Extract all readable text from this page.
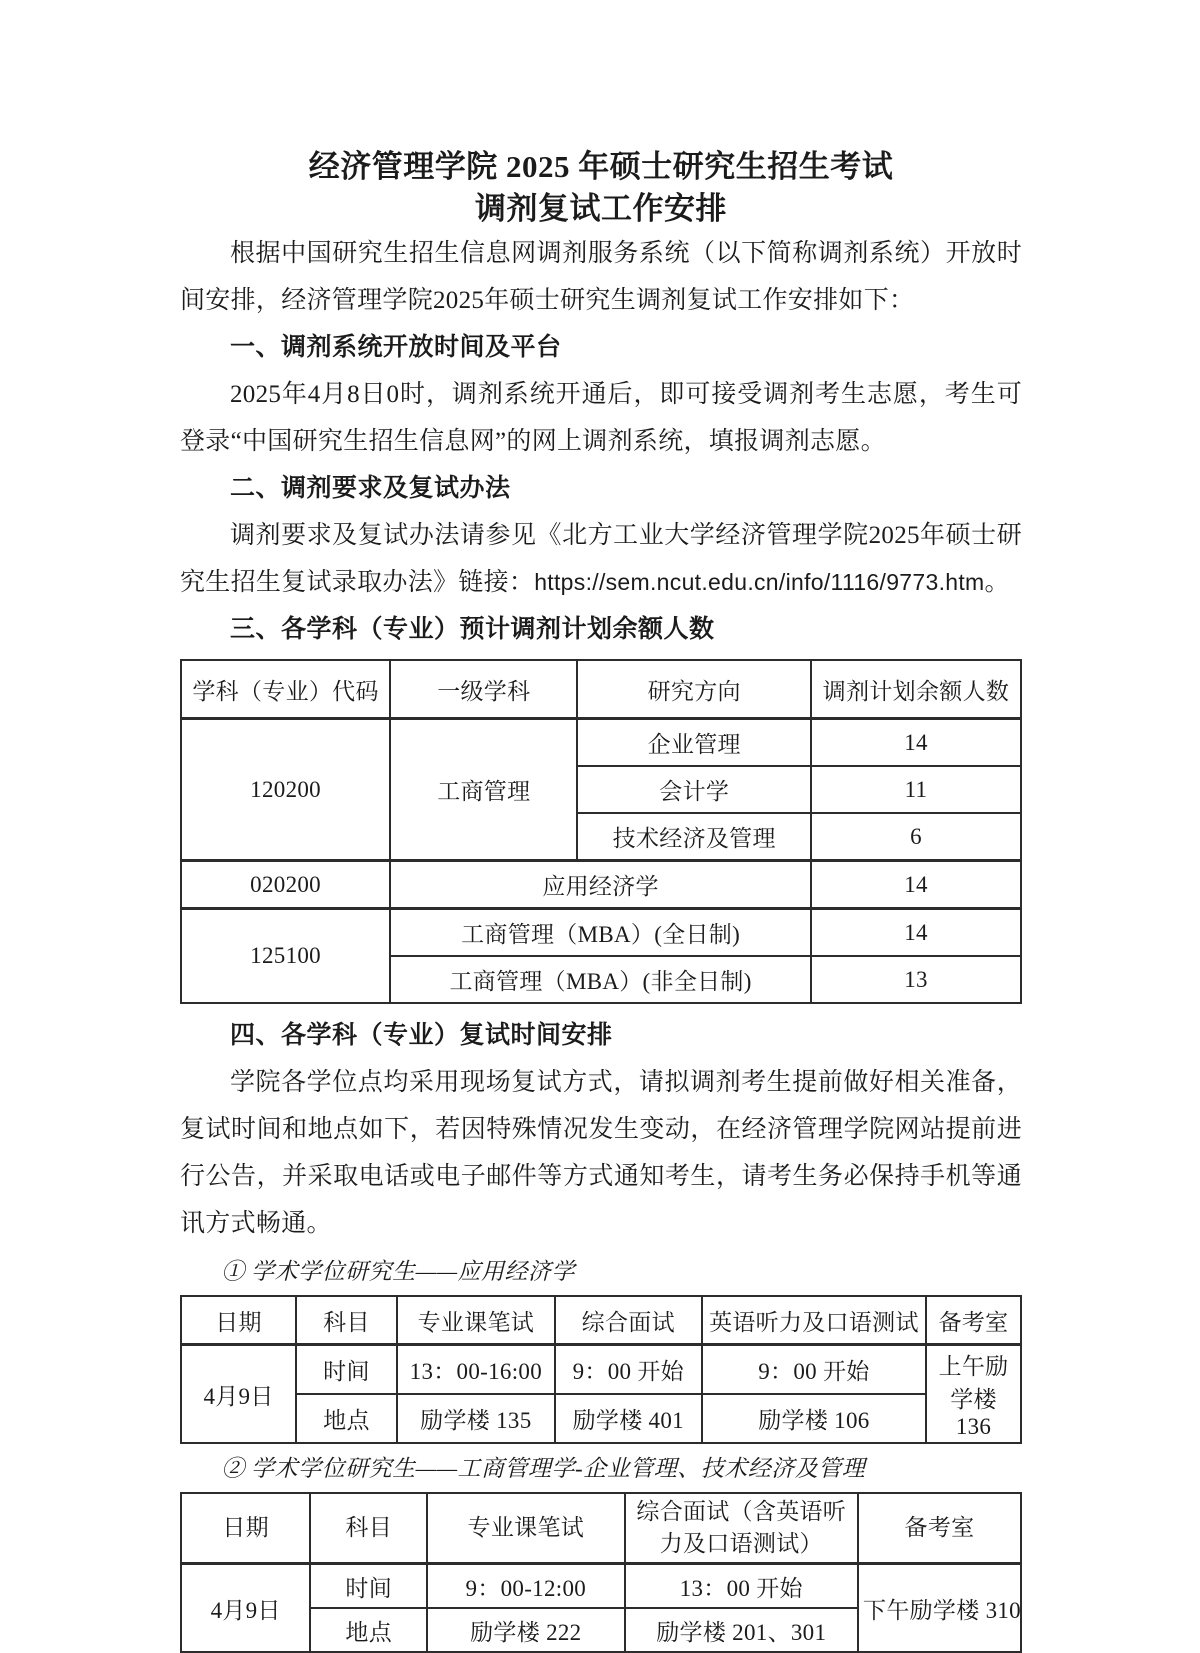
经济管理学院 2025 年硕士研究生招生考试
调剂复试工作安排

根据中国研究生招生信息网调剂服务系统（以下简称调剂系统）开放时间安排，经济管理学院2025年硕士研究生调剂复试工作安排如下：

一、调剂系统开放时间及平台

2025年4月8日0时，调剂系统开通后，即可接受调剂考生志愿，考生可登录“中国研究生招生信息网”的网上调剂系统，填报调剂志愿。

二、调剂要求及复试办法

调剂要求及复试办法请参见《北方工业大学经济管理学院2025年硕士研究生招生复试录取办法》链接：https://sem.ncut.edu.cn/info/1116/9773.htm。

三、各学科（专业）预计调剂计划余额人数
学科（专业）代码	一级学科	研究方向	调剂计划余额人数
120200	工商管理	企业管理	14
		会计学	11
		技术经济及管理	6
020200	应用经济学		14
125100	工商管理（MBA）(全日制)		14
	工商管理（MBA）(非全日制)		13
四、各学科（专业）复试时间安排

学院各学位点均采用现场复试方式，请拟调剂考生提前做好相关准备，复试时间和地点如下，若因特殊情况发生变动，在经济管理学院网站提前进行公告，并采取电话或电子邮件等方式通知考生，请考生务必保持手机等通讯方式畅通。

① 学术学位研究生——应用经济学

日期	科目	专业课笔试	综合面试	英语听力及口语测试	备考室
4月9日	时间	13：00-16:00	9：00 开始	9：00 开始	上午励学楼 136
	地点	励学楼 135	励学楼 401	励学楼 106	

② 学术学位研究生——工商管理学-企业管理、技术经济及管理

日期	科目	专业课笔试	综合面试（含英语听力及口语测试）	备考室
4月9日	时间	9：00-12:00	13：00 开始	下午励学楼 310
	地点	励学楼 222	励学楼 201、301	
